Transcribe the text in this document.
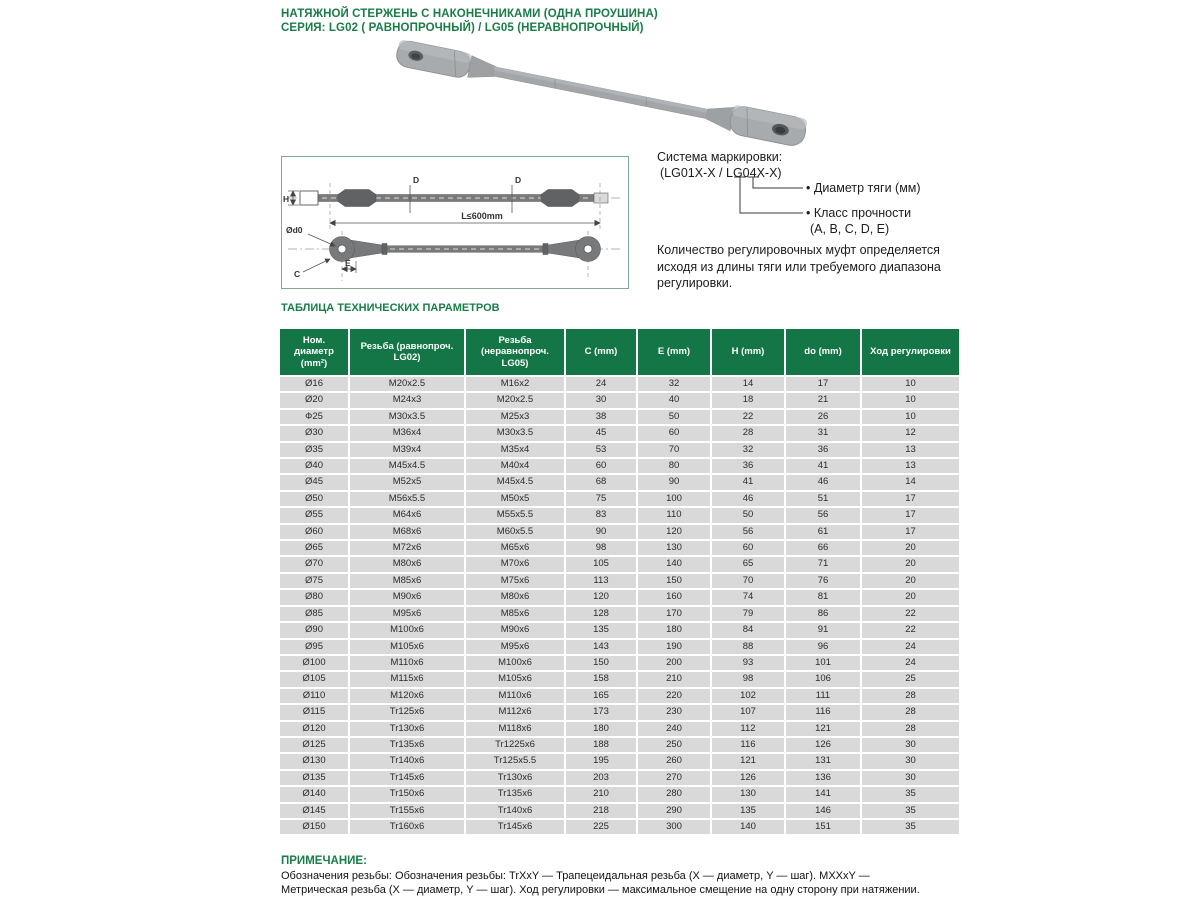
НАТЯЖНОЙ СТЕРЖЕНЬ С НАКОНЕЧНИКАМИ (ОДНА ПРОУШИНА)
СЕРИЯ: LG02 ( РАВНОПРОЧНЫЙ) / LG05 (НЕРАВНОПРОЧНЫЙ)
H
D	D
L≤600mm
Ød0
C
E
Система маркировки:
(LG01X-X / LG04X-X)
• Диаметр тяги (мм)
• Класс прочности
(A, B, C, D, E)
Количество регулировочных муфт определяется
исходя из длины тяги или требуемого диапазона
регулировки.
ТАБЛИЦА ТЕХНИЧЕСКИХ ПАРАМЕТРОВ
Ном. диаметр (mm²)	Резьба (равнопроч. LG02)	Резьба (неравнопроч. LG05)	C (mm)	E (mm)	H (mm)	do (mm)	Ход регулировки
Ø16	M20x2.5	M16x2	24	32	14	17	10
Ø20	M24x3	M20x2.5	30	40	18	21	10
Ф25	M30x3.5	M25x3	38	50	22	26	10
Ø30	M36x4	M30x3.5	45	60	28	31	12
Ø35	M39x4	M35x4	53	70	32	36	13
Ø40	M45x4.5	M40x4	60	80	36	41	13
Ø45	M52x5	M45x4.5	68	90	41	46	14
Ø50	M56x5.5	M50x5	75	100	46	51	17
Ø55	M64x6	M55x5.5	83	110	50	56	17
Ø60	M68x6	M60x5.5	90	120	56	61	17
Ø65	M72x6	M65x6	98	130	60	66	20
Ø70	M80x6	M70x6	105	140	65	71	20
Ø75	M85x6	M75x6	113	150	70	76	20
Ø80	M90x6	M80x6	120	160	74	81	20
Ø85	M95x6	M85x6	128	170	79	86	22
Ø90	M100x6	M90x6	135	180	84	91	22
Ø95	M105x6	M95x6	143	190	88	96	24
Ø100	M110x6	M100x6	150	200	93	101	24
Ø105	M115x6	M105x6	158	210	98	106	25
Ø110	M120x6	M110x6	165	220	102	111	28
Ø115	Tr125x6	M112x6	173	230	107	116	28
Ø120	Tr130x6	M118x6	180	240	112	121	28
Ø125	Tr135x6	Tr1225x6	188	250	116	126	30
Ø130	Tr140x6	Tr125x5.5	195	260	121	131	30
Ø135	Tr145x6	Tr130x6	203	270	126	136	30
Ø140	Tr150x6	Tr135x6	210	280	130	141	35
Ø145	Tr155x6	Tr140x6	218	290	135	146	35
Ø150	Tr160x6	Tr145x6	225	300	140	151	35
ПРИМЕЧАНИЕ:
Обозначения резьбы: Обозначения резьбы: TrXxY — Трапецеидальная резьба (X — диаметр, Y — шаг). MXXxY —
Метрическая резьба (X — диаметр, Y — шаг). Ход регулировки — максимальное смещение на одну сторону при натяжении.
